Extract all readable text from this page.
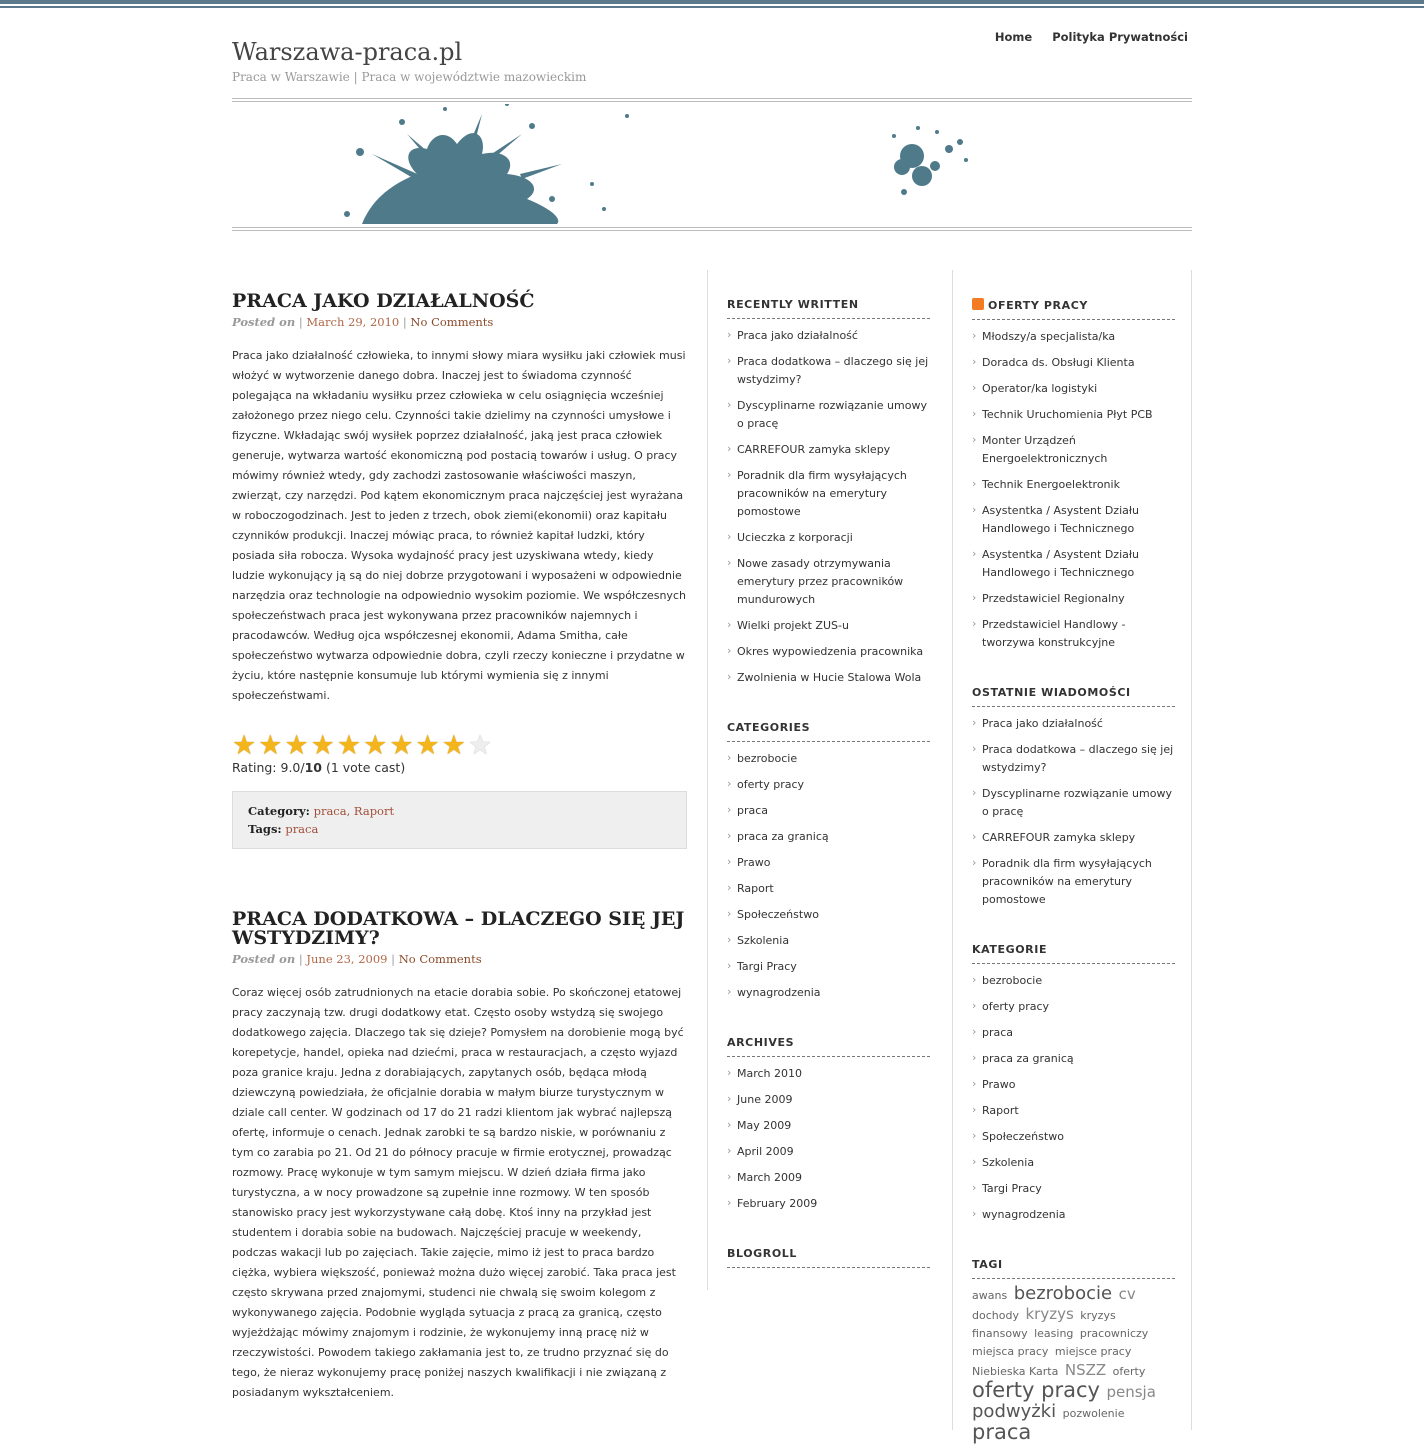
Warszawa-praca.pl
Praca w Warszawie | Praca w województwie mazowieckim
Home Polityka Prywatności
PRACA JAKO DZIAŁALNOŚĆ
Posted on | March 29, 2010 | No Comments
Praca jako działalność człowieka, to innymi słowy miara wysiłku jaki człowiek musi włożyć w wytworzenie danego dobra. Inaczej jest to świadoma czynność polegająca na wkładaniu wysiłku przez człowieka w celu osiągnięcia wcześniej założonego przez niego celu. Czynności takie dzielimy na czynności umysłowe i fizyczne. Wkładając swój wysiłek poprzez działalność, jaką jest praca człowiek generuje, wytwarza wartość ekonomiczną pod postacią towarów i usług. O pracy mówimy również wtedy, gdy zachodzi zastosowanie właściwości maszyn, zwierząt, czy narzędzi. Pod kątem ekonomicznym praca najczęściej jest wyrażana w roboczogodzinach. Jest to jeden z trzech, obok ziemi(ekonomii) oraz kapitału czynników produkcji. Inaczej mówiąc praca, to również kapitał ludzki, który posiada siła robocza. Wysoka wydajność pracy jest uzyskiwana wtedy, kiedy ludzie wykonujący ją są do niej dobrze przygotowani i wyposażeni w odpowiednie narzędzia oraz technologie na odpowiednio wysokim poziomie. We współczesnych społeczeństwach praca jest wykonywana przez pracowników najemnych i pracodawców. Według ojca współczesnej ekonomii, Adama Smitha, całe społeczeństwo wytwarza odpowiednie dobra, czyli rzeczy konieczne i przydatne w życiu, które następnie konsumuje lub którymi wymienia się z innymi społeczeństwami.
★ ★ ★ ★ ★ ★ ★ ★ ★ ★
Rating: 9.0/10 (1 vote cast)
Category: praca, Raport
Tags: praca
PRACA DODATKOWA – DLACZEGO SIĘ JEJ WSTYDZIMY?
Posted on | June 23, 2009 | No Comments
Coraz więcej osób zatrudnionych na etacie dorabia sobie. Po skończonej etatowej pracy zaczynają tzw. drugi dodatkowy etat. Często osoby wstydzą się swojego dodatkowego zajęcia. Dlaczego tak się dzieje? Pomysłem na dorobienie mogą być korepetycje, handel, opieka nad dziećmi, praca w restauracjach, a często wyjazd poza granice kraju. Jedna z dorabiających, zapytanych osób, będąca młodą dziewczyną powiedziała, że oficjalnie dorabia w małym biurze turystycznym w dziale call center. W godzinach od 17 do 21 radzi klientom jak wybrać najlepszą ofertę, informuje o cenach. Jednak zarobki te są bardzo niskie, w porównaniu z tym co zarabia po 21. Od 21 do północy pracuje w firmie erotycznej, prowadząc rozmowy. Pracę wykonuje w tym samym miejscu. W dzień działa firma jako turystyczna, a w nocy prowadzone są zupełnie inne rozmowy. W ten sposób stanowisko pracy jest wykorzystywane całą dobę. Ktoś inny na przykład jest studentem i dorabia sobie na budowach. Najczęściej pracuje w weekendy, podczas wakacji lub po zajęciach. Takie zajęcie, mimo iż jest to praca bardzo ciężka, wybiera większość, ponieważ można dużo więcej zarobić. Taka praca jest często skrywana przed znajomymi, studenci nie chwalą się swoim kolegom z wykonywanego zajęcia. Podobnie wygląda sytuacja z pracą za granicą, często wyjeżdżając mówimy znajomym i rodzinie, że wykonujemy inną pracę niż w rzeczywistości. Powodem takiego zakłamania jest to, ze trudno przyznać się do tego, że nieraz wykonujemy pracę poniżej naszych kwalifikacji i nie związaną z posiadanym wykształceniem.
RECENTLY WRITTEN
› Praca jako działalność
› Praca dodatkowa – dlaczego się jej wstydzimy?
› Dyscyplinarne rozwiązanie umowy o pracę
› CARREFOUR zamyka sklepy
› Poradnik dla firm wysyłających pracowników na emerytury pomostowe
› Ucieczka z korporacji
› Nowe zasady otrzymywania emerytury przez pracowników mundurowych
› Wielki projekt ZUS-u
› Okres wypowiedzenia pracownika
› Zwolnienia w Hucie Stalowa Wola
CATEGORIES
› bezrobocie
› oferty pracy
› praca
› praca za granicą
› Prawo
› Raport
› Społeczeństwo
› Szkolenia
› Targi Pracy
› wynagrodzenia
ARCHIVES
› March 2010
› June 2009
› May 2009
› April 2009
› March 2009
› February 2009
BLOGROLL
OFERTY PRACY
› Młodszy/a specjalista/ka
› Doradca ds. Obsługi Klienta
› Operator/ka logistyki
› Technik Uruchomienia Płyt PCB
› Monter Urządzeń Energoelektronicznych
› Technik Energoelektronik
› Asystentka / Asystent Działu Handlowego i Technicznego
› Asystentka / Asystent Działu Handlowego i Technicznego
› Przedstawiciel Regionalny
› Przedstawiciel Handlowy - tworzywa konstrukcyjne
OSTATNIE WIADOMOŚCI
› Praca jako działalność
› Praca dodatkowa – dlaczego się jej wstydzimy?
› Dyscyplinarne rozwiązanie umowy o pracę
› CARREFOUR zamyka sklepy
› Poradnik dla firm wysyłających pracowników na emerytury pomostowe
KATEGORIE
› bezrobocie
› oferty pracy
› praca
› praca za granicą
› Prawo
› Raport
› Społeczeństwo
› Szkolenia
› Targi Pracy
› wynagrodzenia
TAGI
awans bezrobocie cv dochody kryzys kryzys finansowy leasing pracowniczy miejsca pracy miejsce pracy Niebieska Karta NSZZ oferty oferty pracy pensja podwyżki pozwolenie praca
